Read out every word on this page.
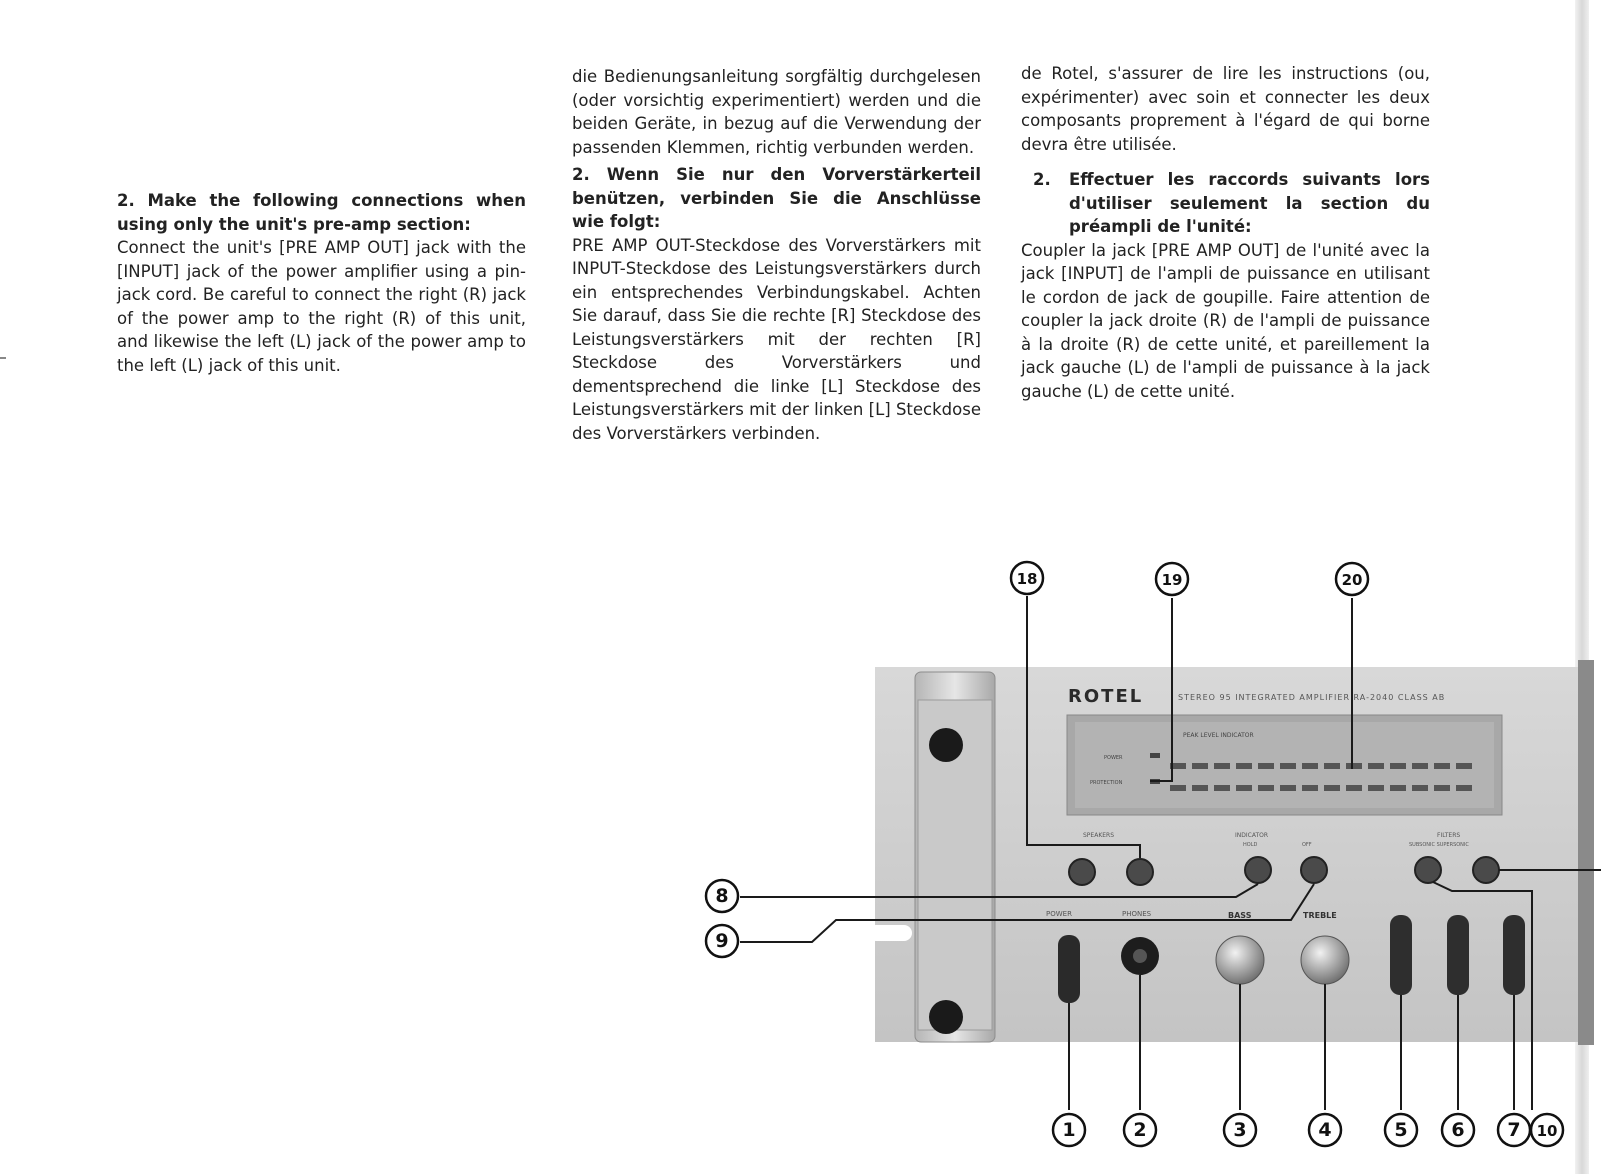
2. Make the following connections when using only the unit's pre-amp section:

Connect the unit's [PRE AMP OUT] jack with the [INPUT] jack of the power amplifier using a pin-jack cord. Be careful to connect the right (R) jack of the power amp to the right (R) of this unit, and likewise the left (L) jack of the power amp to the left (L) jack of this unit.

die Bedienungsanleitung sorgfältig durchgelesen (oder vorsichtig experimentiert) werden und die beiden Geräte, in bezug auf die Verwendung der passenden Klemmen, richtig verbunden werden.

2. Wenn Sie nur den Vorverstärkerteil benützen, verbinden Sie die Anschlüsse wie folgt:

PRE AMP OUT-Steckdose des Vorverstärkers mit INPUT-Steckdose des Leistungsverstärkers durch ein entsprechendes Verbindungskabel. Achten Sie darauf, dass Sie die rechte [R] Steckdose des Leistungsverstärkers mit der rechten [R] Steckdose des Vorverstärkers und dementsprechend die linke [L] Steckdose des Leistungsverstärkers mit der linken [L] Steckdose des Vorverstärkers verbinden.

de Rotel, s'assurer de lire les instructions (ou, expérimenter) avec soin et connecter les deux composants proprement à l'égard de qui borne devra être utilisée.

2.	Effectuer les raccords suivants lors d'utiliser seulement la section du préampli de l'unité:

Coupler la jack [PRE AMP OUT] de l'unité avec la jack [INPUT] de l'ampli de puissance en utilisant le cordon de jack de goupille. Faire attention de coupler la jack droite (R) de l'ampli de puissance à la droite (R) de cette unité, et pareillement la jack gauche (L) de l'ampli de puissance à la jack gauche (L) de cette unité.

ROTEL	STEREO 95 INTEGRATED AMPLIFIER RA-2040 CLASS AB
PEAK LEVEL INDICATOR
POWER
PROTECTION
SPEAKERS	INDICATOR
HOLD	OFF
FILTERS
SUBSONIC SUPERSONIC
POWER	PHONES	BASS	TREBLE
18	19	20
8
9
1	2	3	4	5 6 7 10
